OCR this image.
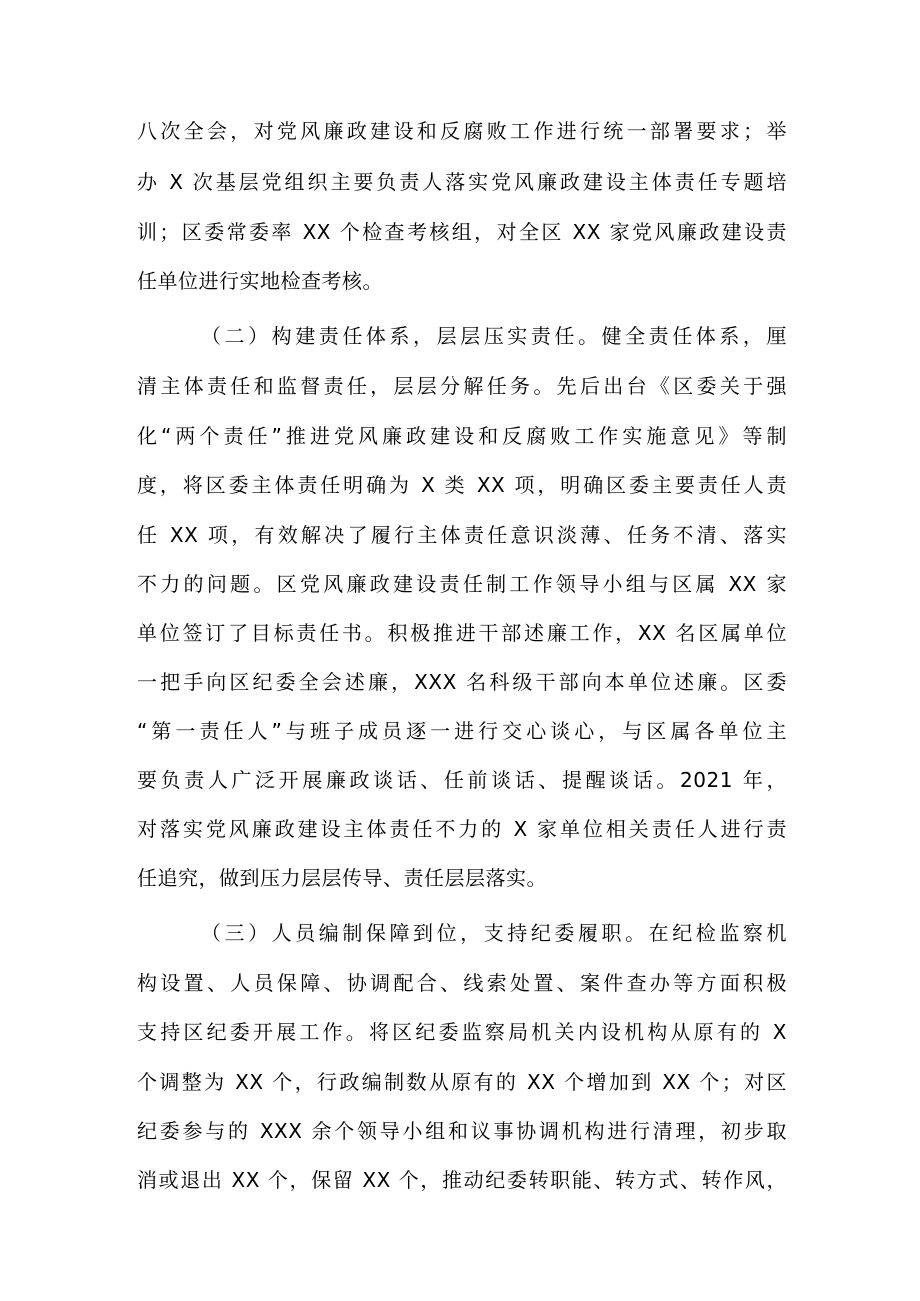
八次全会，对党风廉政建设和反腐败工作进行统一部署要求；举
办 X 次基层党组织主要负责人落实党风廉政建设主体责任专题培
训；区委常委率 XX 个检查考核组，对全区 XX 家党风廉政建设责
任单位进行实地检查考核。
（二）构建责任体系，层层压实责任。健全责任体系，厘
清主体责任和监督责任，层层分解任务。先后出台《区委关于强
化“两个责任”推进党风廉政建设和反腐败工作实施意见》等制
度，将区委主体责任明确为 X 类 XX 项，明确区委主要责任人责
任 XX 项，有效解决了履行主体责任意识淡薄、任务不清、落实
不力的问题。区党风廉政建设责任制工作领导小组与区属 XX 家
单位签订了目标责任书。积极推进干部述廉工作，XX 名区属单位
一把手向区纪委全会述廉，XXX 名科级干部向本单位述廉。区委
“第一责任人”与班子成员逐一进行交心谈心，与区属各单位主
要负责人广泛开展廉政谈话、任前谈话、提醒谈话。2021 年，
对落实党风廉政建设主体责任不力的 X 家单位相关责任人进行责
任追究，做到压力层层传导、责任层层落实。
（三）人员编制保障到位，支持纪委履职。在纪检监察机
构设置、人员保障、协调配合、线索处置、案件查办等方面积极
支持区纪委开展工作。将区纪委监察局机关内设机构从原有的 X
个调整为 XX 个，行政编制数从原有的 XX 个增加到 XX 个；对区
纪委参与的 XXX 余个领导小组和议事协调机构进行清理，初步取
消或退出 XX 个，保留 XX 个，推动纪委转职能、转方式、转作风，
